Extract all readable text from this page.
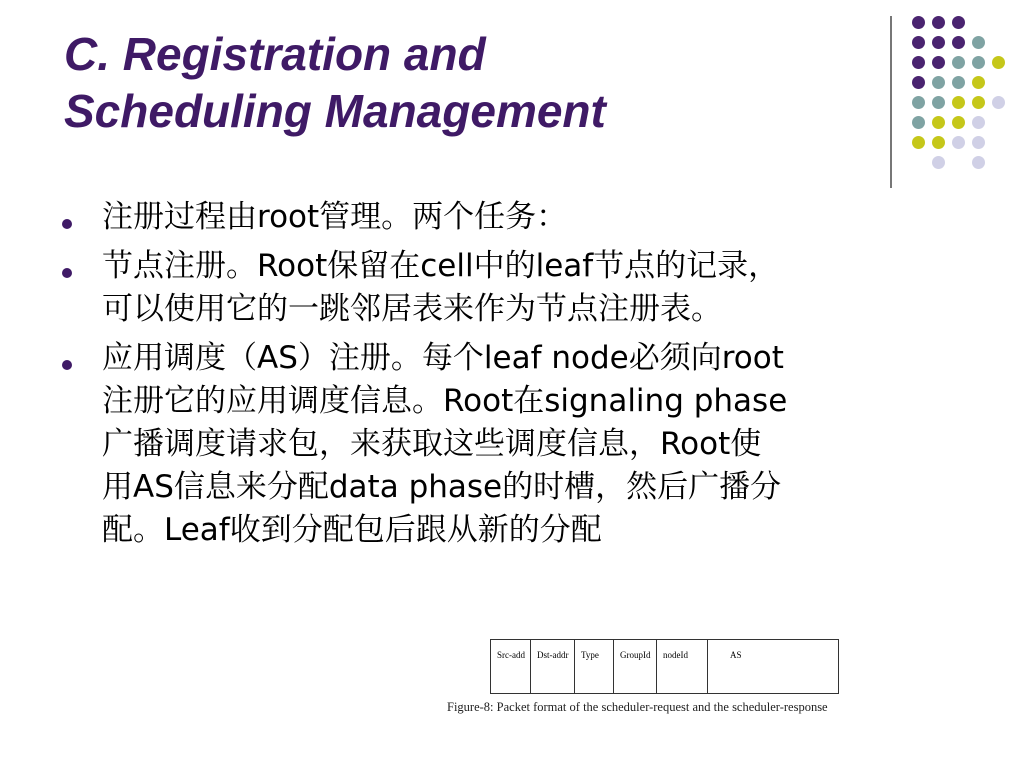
C. Registration and
Scheduling Management
注册过程由root管理。两个任务：
节点注册。Root保留在cell中的leaf节点的记录，
可以使用它的一跳邻居表来作为节点注册表。
应用调度（AS）注册。每个leaf node必须向root
注册它的应用调度信息。Root在signaling phase
广播调度请求包，来获取这些调度信息，Root使
用AS信息来分配data phase的时槽，然后广播分
配。Leaf收到分配包后跟从新的分配
Src-add	Dst-addr	Type	GroupId	nodeId	AS
Figure-8: Packet format of the scheduler-request and the scheduler-response
